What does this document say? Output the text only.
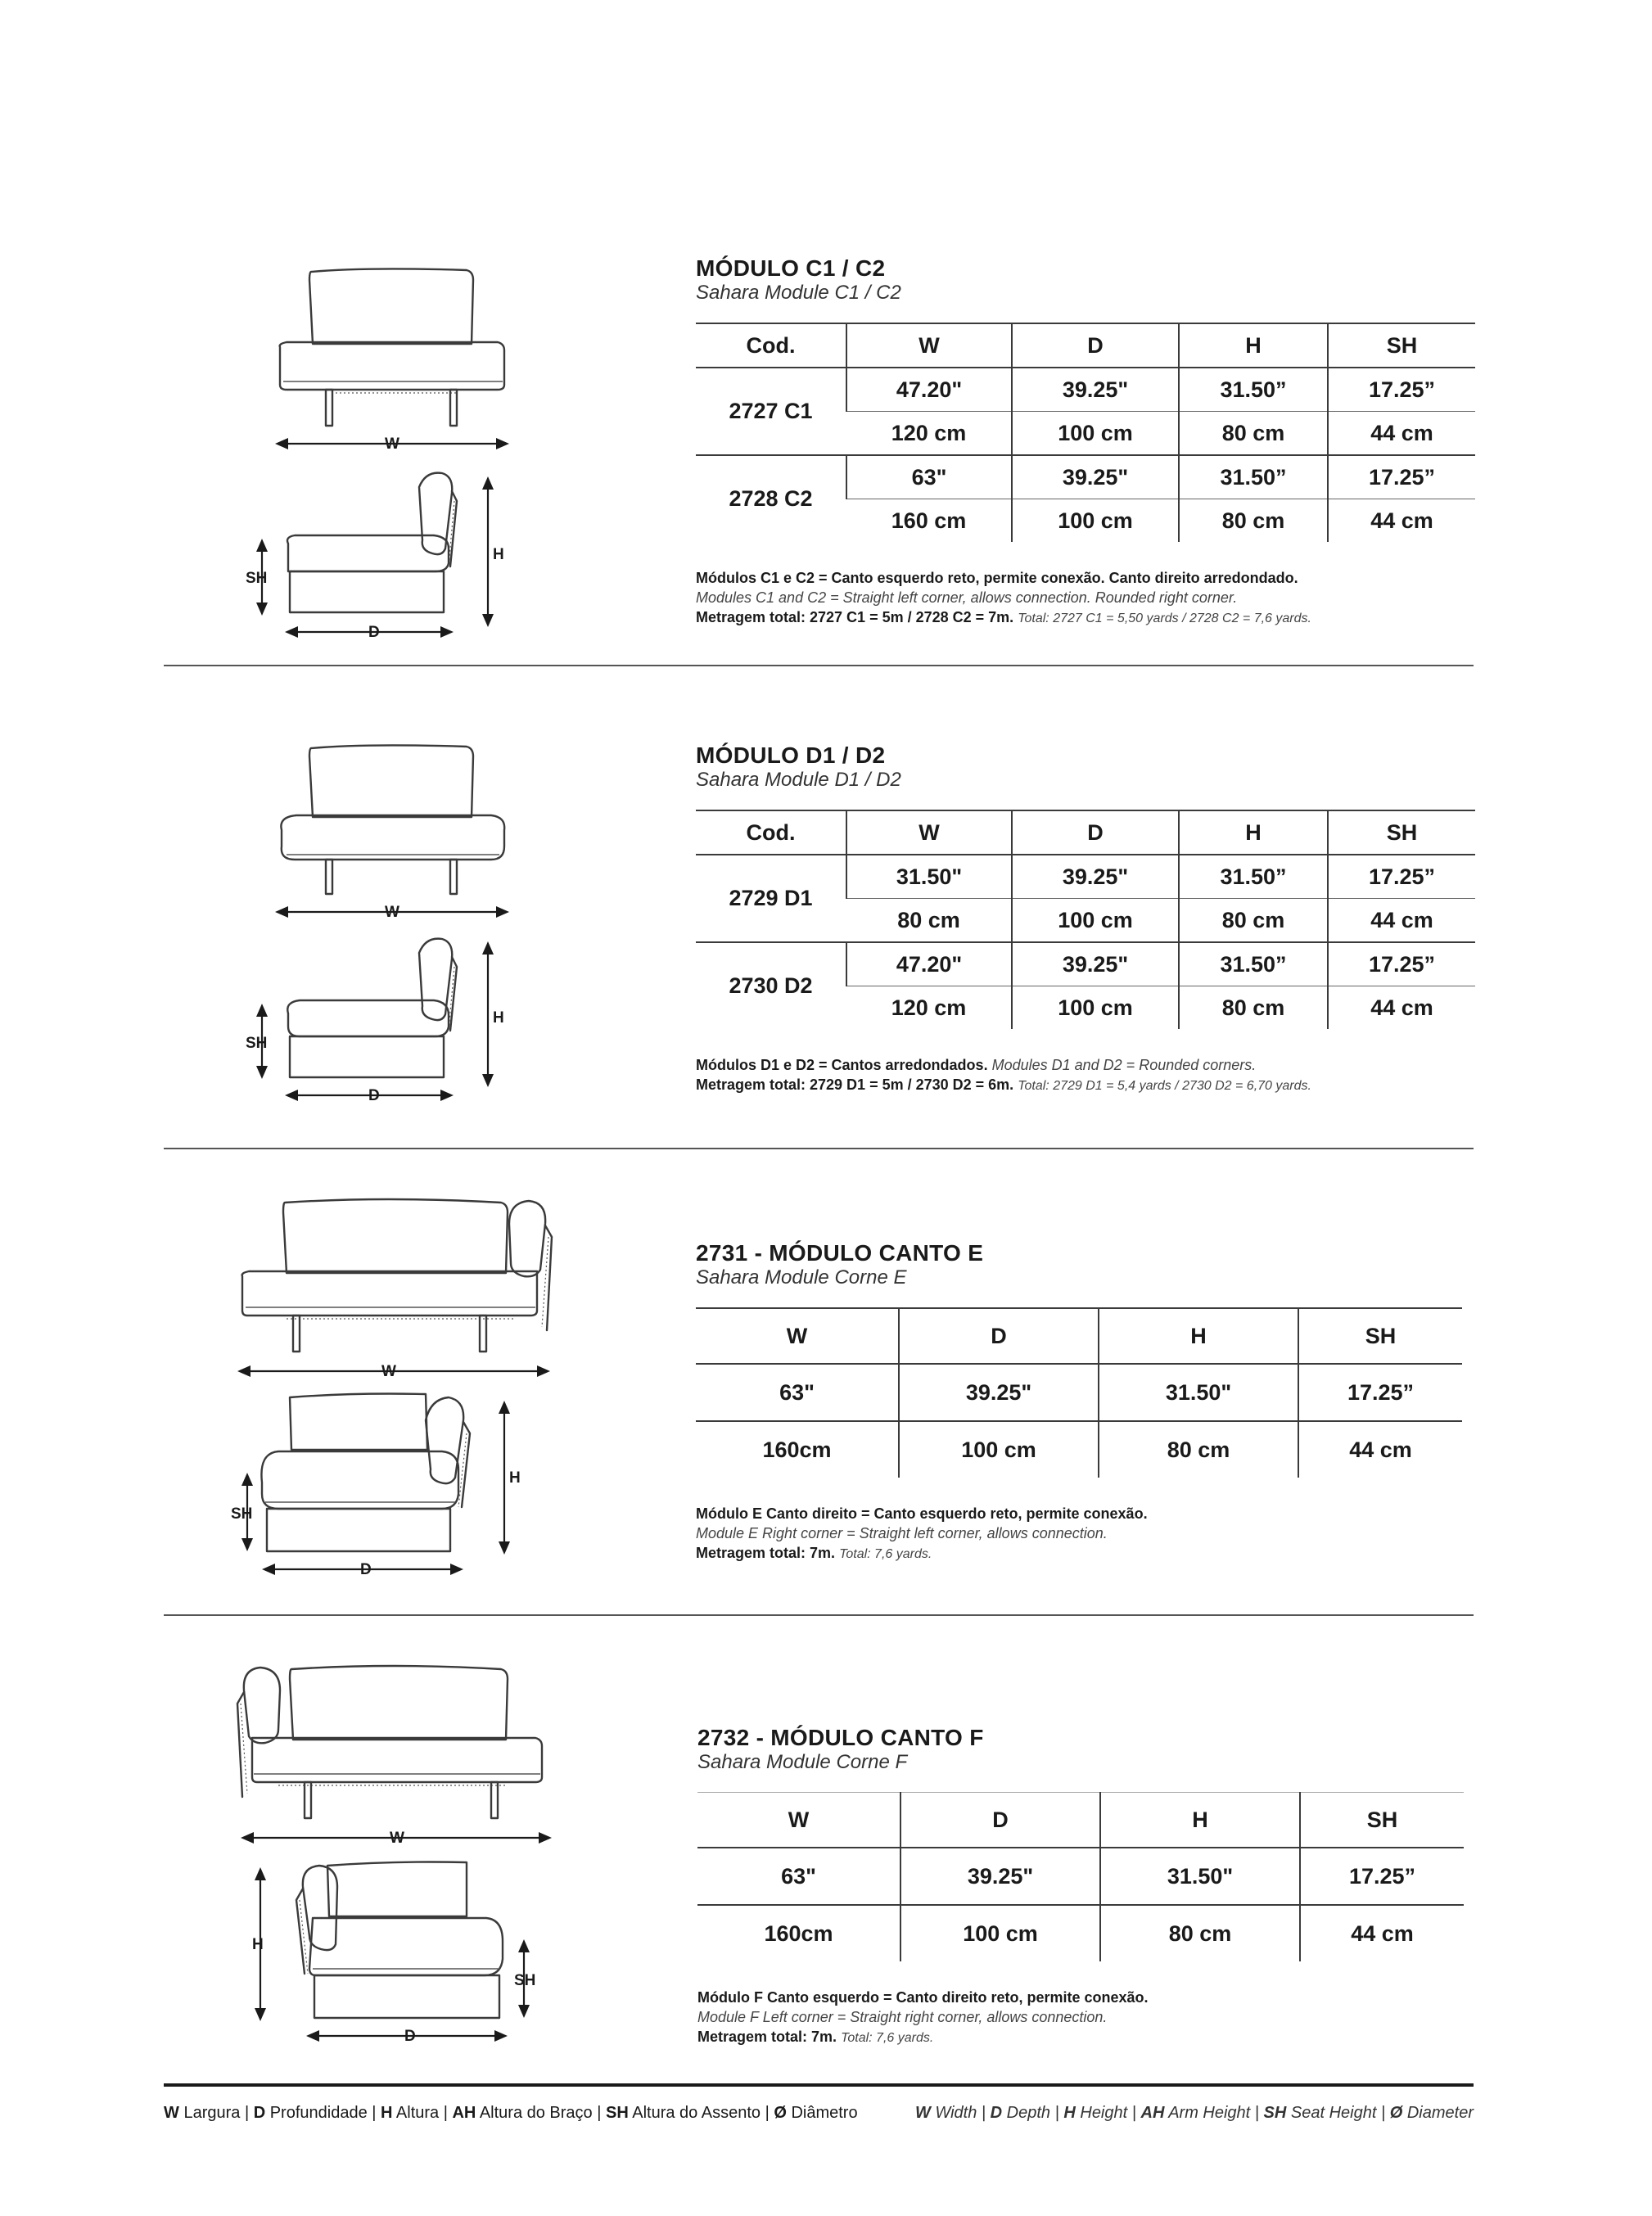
W
H
SH
D
MÓDULO C1 / C2
Sahara Module C1 / C2
Cod.	W	D	H	SH
2727 C1	47.20"	39.25"	31.50”	17.25”
	120 cm	100 cm	80 cm	44 cm
2728 C2	63"	39.25"	31.50”	17.25”
	160 cm	100 cm	80 cm	44 cm
Módulos C1 e C2 = Canto esquerdo reto, permite conexão. Canto direito arredondado.
Modules C1 and C2 = Straight left corner, allows connection. Rounded right corner.
Metragem total: 2727 C1 = 5m / 2728 C2 = 7m. Total: 2727 C1 = 5,50 yards / 2728 C2 = 7,6 yards.
W
H
SH
D
MÓDULO D1 / D2
Sahara Module D1 / D2
Cod.	W	D	H	SH
2729 D1	31.50"	39.25"	31.50”	17.25”
	80 cm	100 cm	80 cm	44 cm
2730 D2	47.20"	39.25"	31.50”	17.25”
	120 cm	100 cm	80 cm	44 cm
Módulos D1 e D2 = Cantos arredondados. Modules D1 and D2 = Rounded corners.
Metragem total: 2729 D1 = 5m / 2730 D2 = 6m. Total: 2729 D1 = 5,4 yards / 2730 D2 = 6,70 yards.
W
H
SH
D
2731 - MÓDULO CANTO E
Sahara Module Corne E
W	D	H	SH
63"	39.25"	31.50"	17.25”
160cm	100 cm	80 cm	44 cm
Módulo E Canto direito = Canto esquerdo reto, permite conexão.
Module E Right corner = Straight left corner, allows connection.
Metragem total: 7m. Total: 7,6 yards.
W
H
SH
D
2732 - MÓDULO CANTO F
Sahara Module Corne F
W	D	H	SH
63"	39.25"	31.50"	17.25”
160cm	100 cm	80 cm	44 cm
Módulo F Canto esquerdo = Canto direito reto, permite conexão.
Module F Left corner = Straight right corner, allows connection.
Metragem total: 7m. Total: 7,6 yards.
W Largura | D Profundidade | H Altura | AH Altura do Braço | SH Altura do Assento | Ø Diâmetro	W Width | D Depth | H Height | AH Arm Height | SH Seat Height | Ø Diameter
